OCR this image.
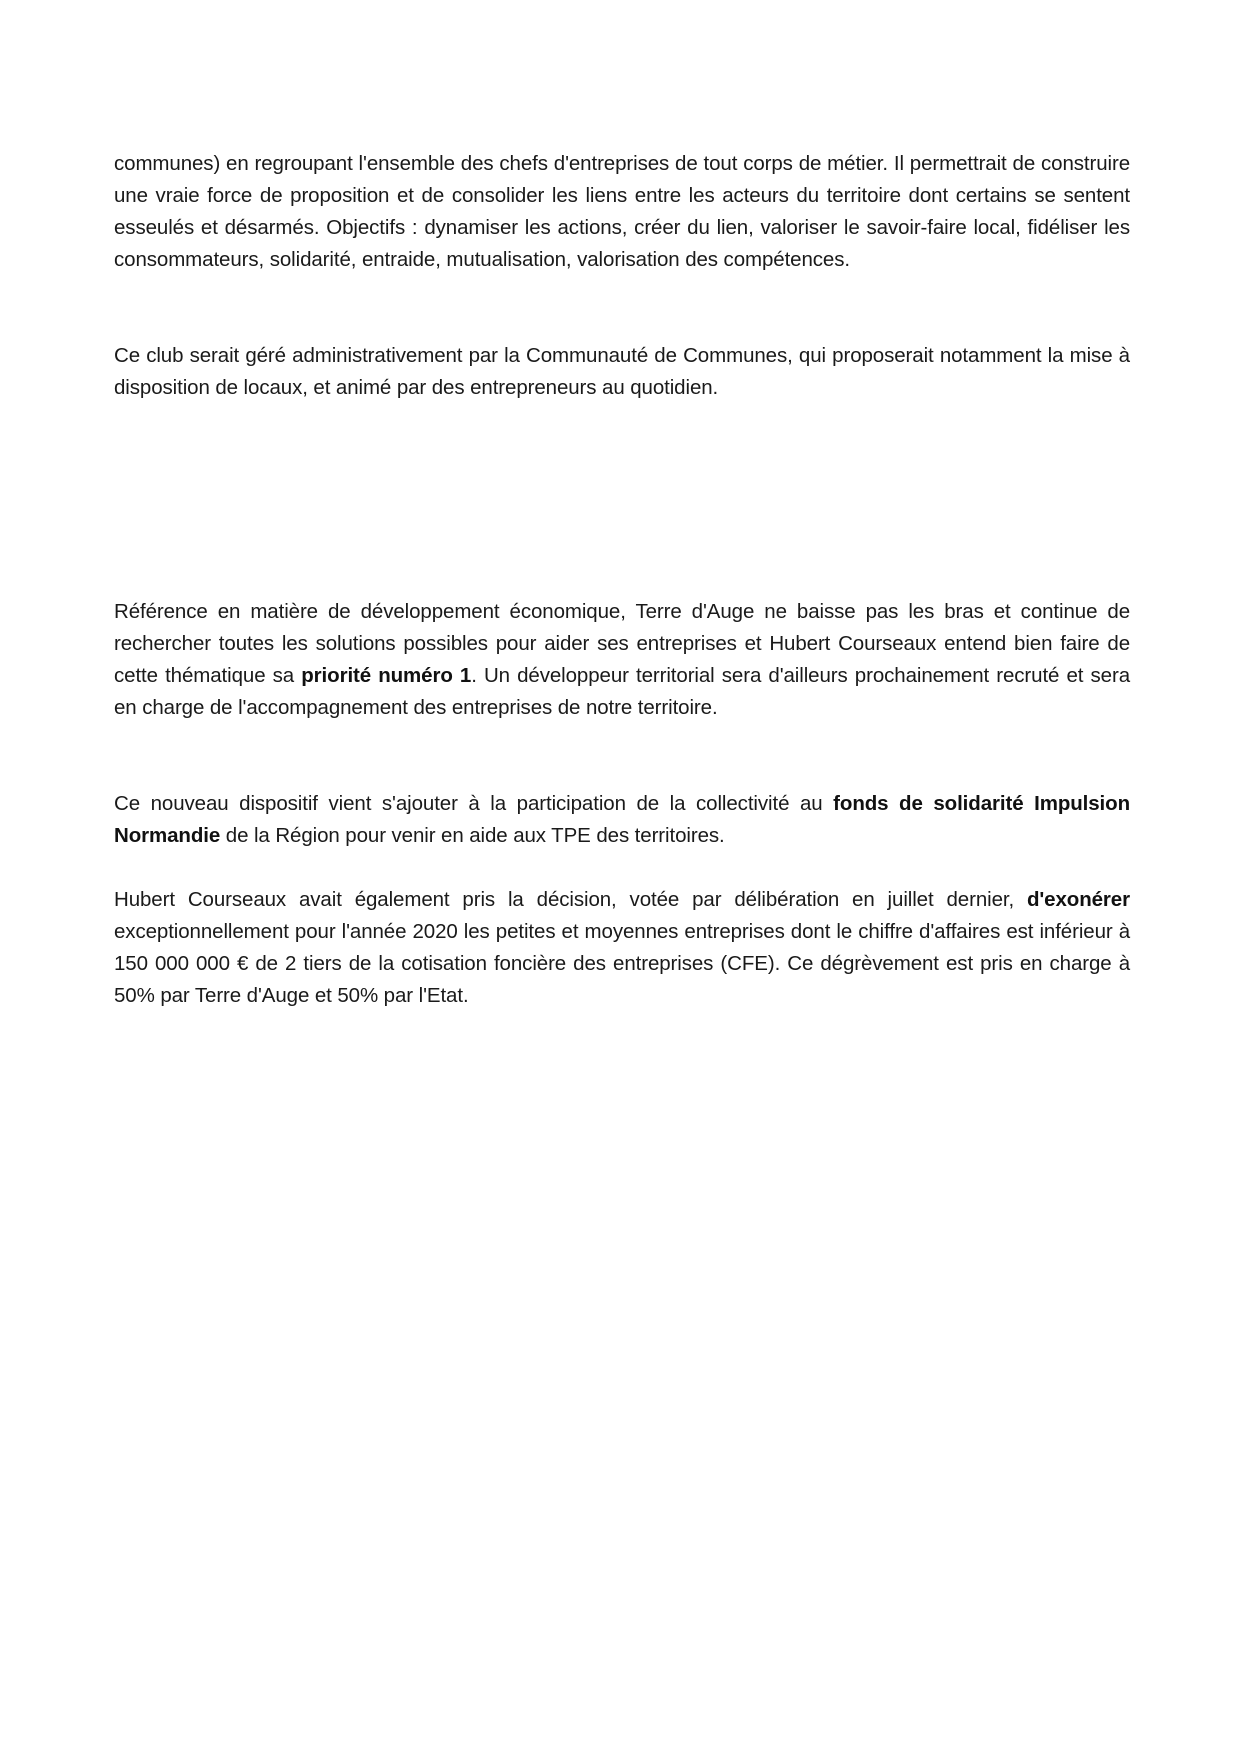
communes) en regroupant l'ensemble des chefs d'entreprises de tout corps de métier. Il permettrait de construire une vraie force de proposition et de consolider les liens entre les acteurs du territoire dont certains se sentent esseulés et désarmés. Objectifs : dynamiser les actions, créer du lien, valoriser le savoir-faire local, fidéliser les consommateurs, solidarité, entraide, mutualisation, valorisation des compétences.

Ce club serait géré administrativement par la Communauté de Communes, qui proposerait notamment la mise à disposition de locaux, et animé par des entrepreneurs au quotidien.

Référence en matière de développement économique, Terre d'Auge ne baisse pas les bras et continue de rechercher toutes les solutions possibles pour aider ses entreprises et Hubert Courseaux entend bien faire de cette thématique sa priorité numéro 1. Un développeur territorial sera d'ailleurs prochainement recruté et sera en charge de l'accompagnement des entreprises de notre territoire.

Ce nouveau dispositif vient s'ajouter à la participation de la collectivité au fonds de solidarité Impulsion Normandie de la Région pour venir en aide aux TPE des territoires.

Hubert Courseaux avait également pris la décision, votée par délibération en juillet dernier, d'exonérer exceptionnellement pour l'année 2020 les petites et moyennes entreprises dont le chiffre d'affaires est inférieur à 150 000 000 € de 2 tiers de la cotisation foncière des entreprises (CFE). Ce dégrèvement est pris en charge à 50% par Terre d'Auge et 50% par l'Etat.
